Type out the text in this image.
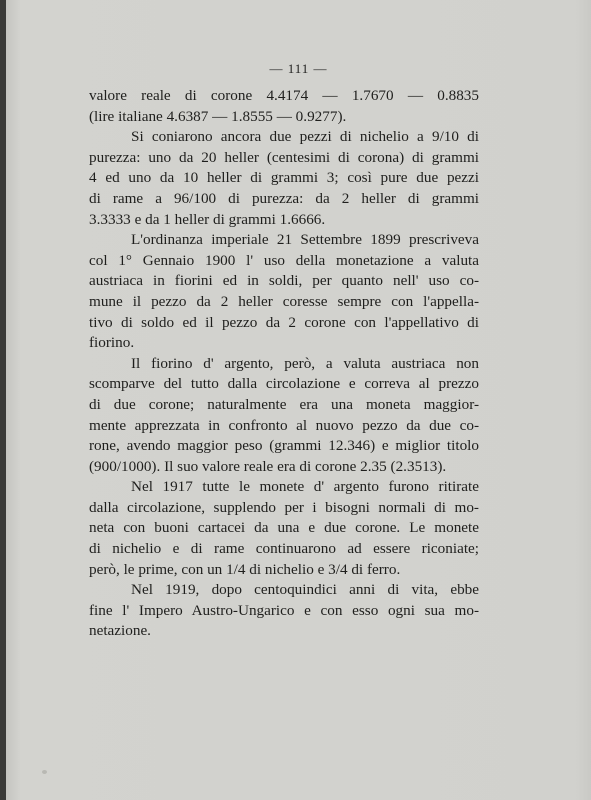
— 111 —
valore reale di corone 4.4174 — 1.7670 — 0.8835
(lire italiane 4.6387 — 1.8555 — 0.9277).
Si coniarono ancora due pezzi di nichelio a 9/10 di
purezza: uno da 20 heller (centesimi di corona) di grammi
4 ed uno da 10 heller di grammi 3; così pure due pezzi
di rame a 96/100 di purezza: da 2 heller di grammi
3.3333 e da 1 heller di grammi 1.6666.
L'ordinanza imperiale 21 Settembre 1899 prescriveva
col 1° Gennaio 1900 l' uso della monetazione a valuta
austriaca in fiorini ed in soldi, per quanto nell' uso co-
mune il pezzo da 2 heller coresse sempre con l'appella-
tivo di soldo ed il pezzo da 2 corone con l'appellativo di
fiorino.
Il fiorino d' argento, però, a valuta austriaca non
scomparve del tutto dalla circolazione e correva al prezzo
di due corone; naturalmente era una moneta maggior-
mente apprezzata in confronto al nuovo pezzo da due co-
rone, avendo maggior peso (grammi 12.346) e miglior titolo
(900/1000). Il suo valore reale era di corone 2.35 (2.3513).
Nel 1917 tutte le monete d' argento furono ritirate
dalla circolazione, supplendo per i bisogni normali di mo-
neta con buoni cartacei da una e due corone. Le monete
di nichelio e di rame continuarono ad essere riconiate;
però, le prime, con un 1/4 di nichelio e 3/4 di ferro.
Nel 1919, dopo centoquindici anni di vita, ebbe
fine l' Impero Austro-Ungarico e con esso ogni sua mo-
netazione.
